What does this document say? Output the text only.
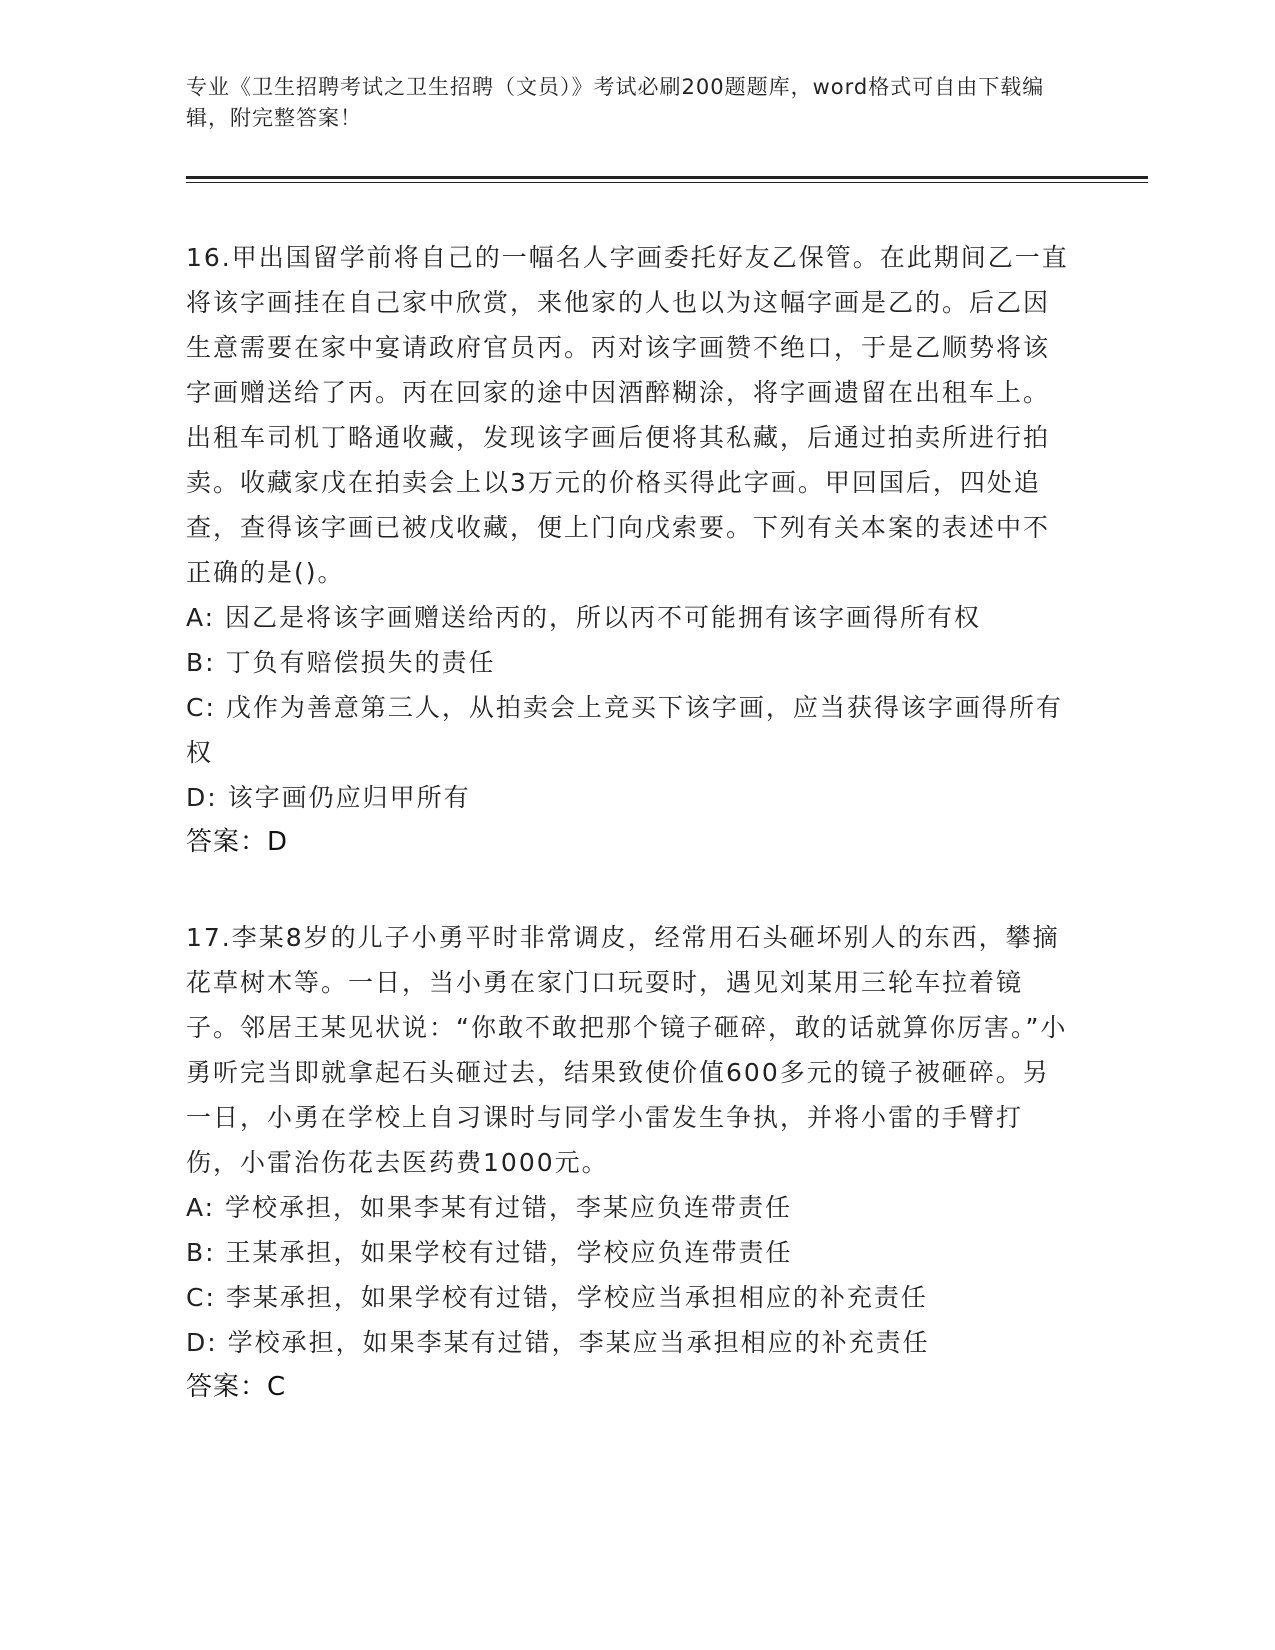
专业《卫生招聘考试之卫生招聘（文员）》考试必刷200题题库，word格式可自由下载编辑，附完整答案！

16.甲出国留学前将自己的一幅名人字画委托好友乙保管。在此期间乙一直将该字画挂在自己家中欣赏，来他家的人也以为这幅字画是乙的。后乙因生意需要在家中宴请政府官员丙。丙对该字画赞不绝口，于是乙顺势将该字画赠送给了丙。丙在回家的途中因酒醉糊涂，将字画遗留在出租车上。出租车司机丁略通收藏，发现该字画后便将其私藏，后通过拍卖所进行拍卖。收藏家戊在拍卖会上以3万元的价格买得此字画。甲回国后，四处追查，查得该字画已被戊收藏，便上门向戊索要。下列有关本案的表述中不正确的是()。

A: 因乙是将该字画赠送给丙的，所以丙不可能拥有该字画得所有权

B: 丁负有赔偿损失的责任

C: 戊作为善意第三人，从拍卖会上竞买下该字画，应当获得该字画得所有权

D: 该字画仍应归甲所有

答案：D

17.李某8岁的儿子小勇平时非常调皮，经常用石头砸坏别人的东西，攀摘花草树木等。一日，当小勇在家门口玩耍时，遇见刘某用三轮车拉着镜子。邻居王某见状说：“你敢不敢把那个镜子砸碎，敢的话就算你厉害。”小勇听完当即就拿起石头砸过去，结果致使价值600多元的镜子被砸碎。另一日，小勇在学校上自习课时与同学小雷发生争执，并将小雷的手臂打伤，小雷治伤花去医药费1000元。

A: 学校承担，如果李某有过错，李某应负连带责任

B: 王某承担，如果学校有过错，学校应负连带责任

C: 李某承担，如果学校有过错，学校应当承担相应的补充责任

D: 学校承担，如果李某有过错，李某应当承担相应的补充责任

答案：C
